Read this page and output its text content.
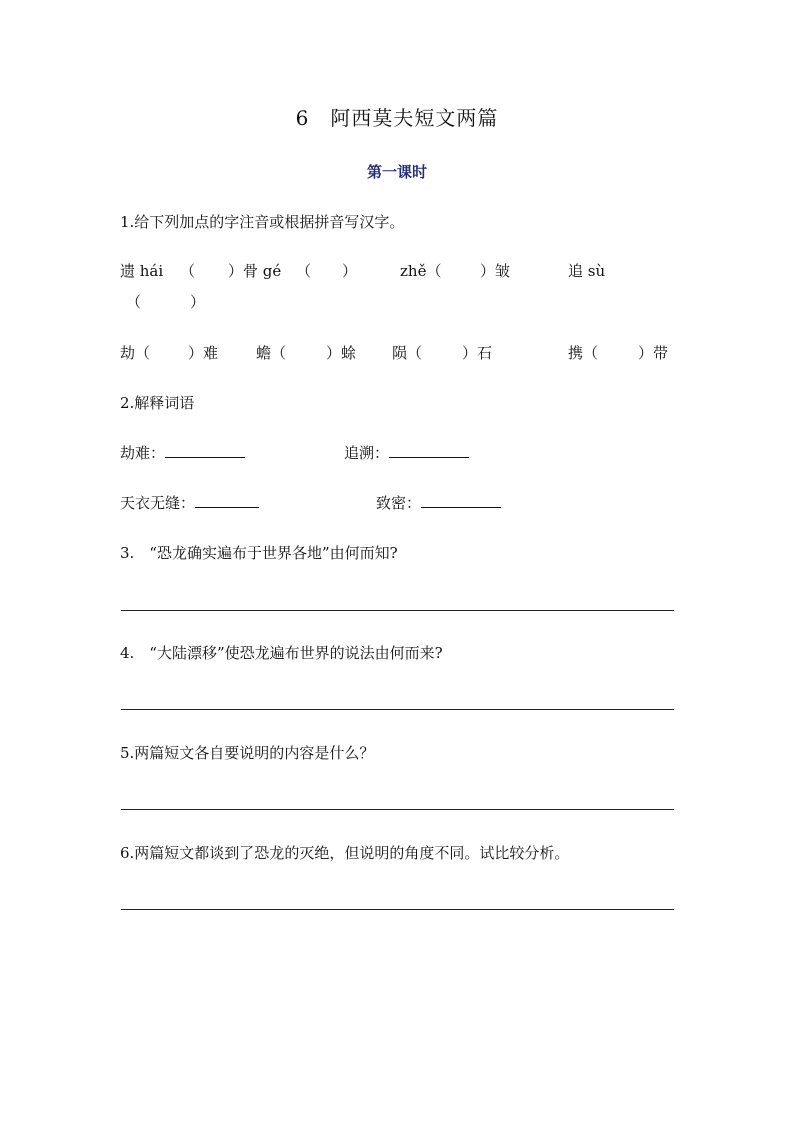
6　阿西莫夫短文两篇
第一课时
1.给下列加点的字注音或根据拼音写汉字。
遗 hái （ ）骨 gé （ ）	zhě（	）皱	追 sù
（	）
劫（	）难	蟾（	）蜍 陨（	）石	携（	）带
2.解释词语
劫难：	追溯：
天衣无缝：	致密：
3.　“恐龙确实遍布于世界各地”由何而知?
4.　“大陆漂移”使恐龙遍布世界的说法由何而来?
5.两篇短文各自要说明的内容是什么？
6.两篇短文都谈到了恐龙的灭绝，但说明的角度不同。试比较分析。
